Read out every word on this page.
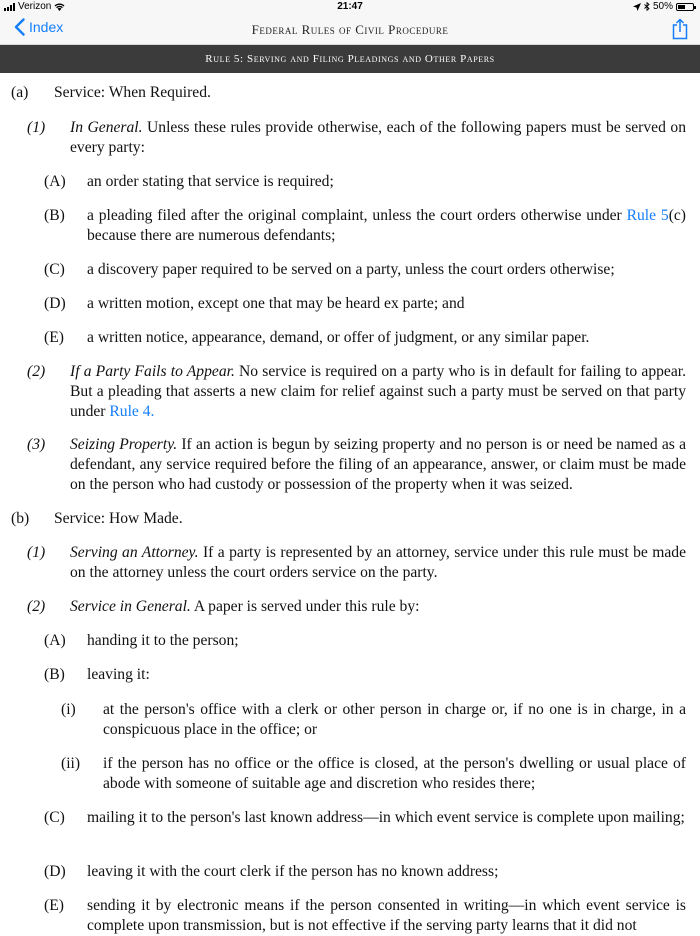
Verizon	21:47	50%
Index	Federal Rules of Civil Procedure
Rule 5: Serving and Filing Pleadings and Other Papers
(a) Service: When Required.
(1) In General. Unless these rules provide otherwise, each of the following papers must be served on every party:
(A) an order stating that service is required;
(B) a pleading filed after the original complaint, unless the court orders otherwise under Rule 5(c) because there are numerous defendants;
(C) a discovery paper required to be served on a party, unless the court orders otherwise;
(D) a written motion, except one that may be heard ex parte; and
(E) a written notice, appearance, demand, or offer of judgment, or any similar paper.
(2) If a Party Fails to Appear. No service is required on a party who is in default for failing to appear. But a pleading that asserts a new claim for relief against such a party must be served on that party under Rule 4.
(3) Seizing Property. If an action is begun by seizing property and no person is or need be named as a defendant, any service required before the filing of an appearance, answer, or claim must be made on the person who had custody or possession of the property when it was seized.
(b) Service: How Made.
(1) Serving an Attorney. If a party is represented by an attorney, service under this rule must be made on the attorney unless the court orders service on the party.
(2) Service in General. A paper is served under this rule by:
(A) handing it to the person;
(B) leaving it:
(i) at the person's office with a clerk or other person in charge or, if no one is in charge, in a conspicuous place in the office; or
(ii) if the person has no office or the office is closed, at the person's dwelling or usual place of abode with someone of suitable age and discretion who resides there;
(C) mailing it to the person's last known address—in which event service is complete upon mailing;
(D) leaving it with the court clerk if the person has no known address;
(E) sending it by electronic means if the person consented in writing—in which event service is complete upon transmission, but is not effective if the serving party learns that it did not
